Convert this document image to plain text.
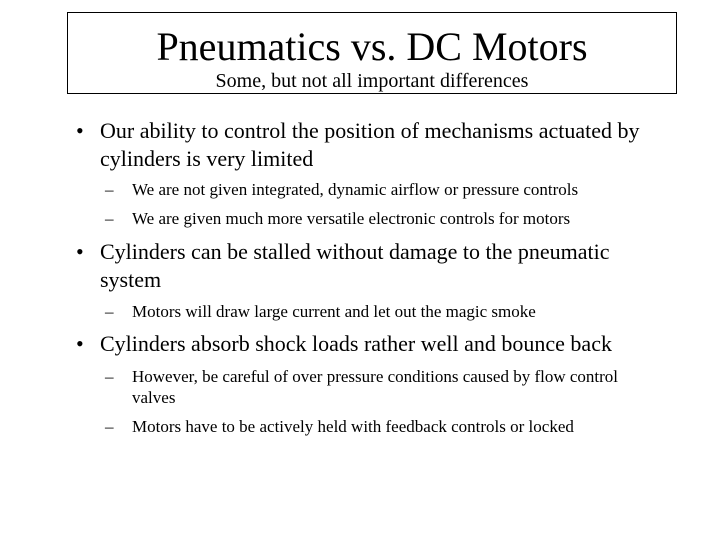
Pneumatics vs. DC Motors
Some, but not all important differences
• Our ability to control the position of mechanisms actuated by cylinders is very limited

– We are not given integrated, dynamic airflow or pressure controls

– We are given much more versatile electronic controls for motors

• Cylinders can be stalled without damage to the pneumatic system

– Motors will draw large current and let out the magic smoke

• Cylinders absorb shock loads rather well and bounce back

– However, be careful of over pressure conditions caused by flow control valves

– Motors have to be actively held with feedback controls or locked
